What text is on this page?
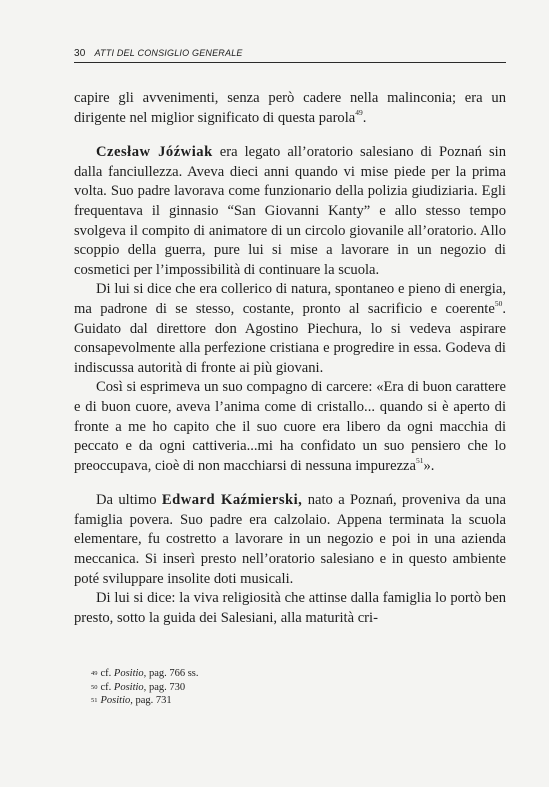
30 ATTI DEL CONSIGLIO GENERALE

capire gli avvenimenti, senza però cadere nella malinconia; era un dirigente nel miglior significato di questa parola$^{49}$.

Czesław Jóźwiak era legato all’oratorio salesiano di Poznań sin dalla fanciullezza. Aveva dieci anni quando vi mise piede per la prima volta. Suo padre lavorava come funzionario della polizia giudiziaria. Egli frequentava il ginnasio “San Giovanni Kanty” e allo stesso tempo svolgeva il compito di animatore di un circolo giovanile all’oratorio. Allo scoppio della guerra, pure lui si mise a lavorare in un negozio di cosmetici per l’impossibilità di continuare la scuola.

Di lui si dice che era collerico di natura, spontaneo e pieno di energia, ma padrone di se stesso, costante, pronto al sacrificio e coerente$^{50}$. Guidato dal direttore don Agostino Piechura, lo si vedeva aspirare consapevolmente alla perfezione cristiana e progredire in essa. Godeva di indiscussa autorità di fronte ai più giovani.

Così si esprimeva un suo compagno di carcere: «Era di buon carattere e di buon cuore, aveva l’anima come di cristallo... quando si è aperto di fronte a me ho capito che il suo cuore era libero da ogni macchia di peccato e da ogni cattiveria...mi ha confidato un suo pensiero che lo preoccupava, cioè di non macchiarsi di nessuna impurezza$^{51}$».

Da ultimo Edward Kaźmierski, nato a Poznań, proveniva da una famiglia povera. Suo padre era calzolaio. Appena terminata la scuola elementare, fu costretto a lavorare in un negozio e poi in una azienda meccanica. Si inserì presto nell’oratorio salesiano e in questo ambiente poté sviluppare insolite doti musicali.

Di lui si dice: la viva religiosità che attinse dalla famiglia lo portò ben presto, sotto la guida dei Salesiani, alla maturità cri-

$^{49}$ cf. Positio, pag. 766 ss.
$^{50}$ cf. Positio, pag. 730
$^{51}$ Positio, pag. 731
